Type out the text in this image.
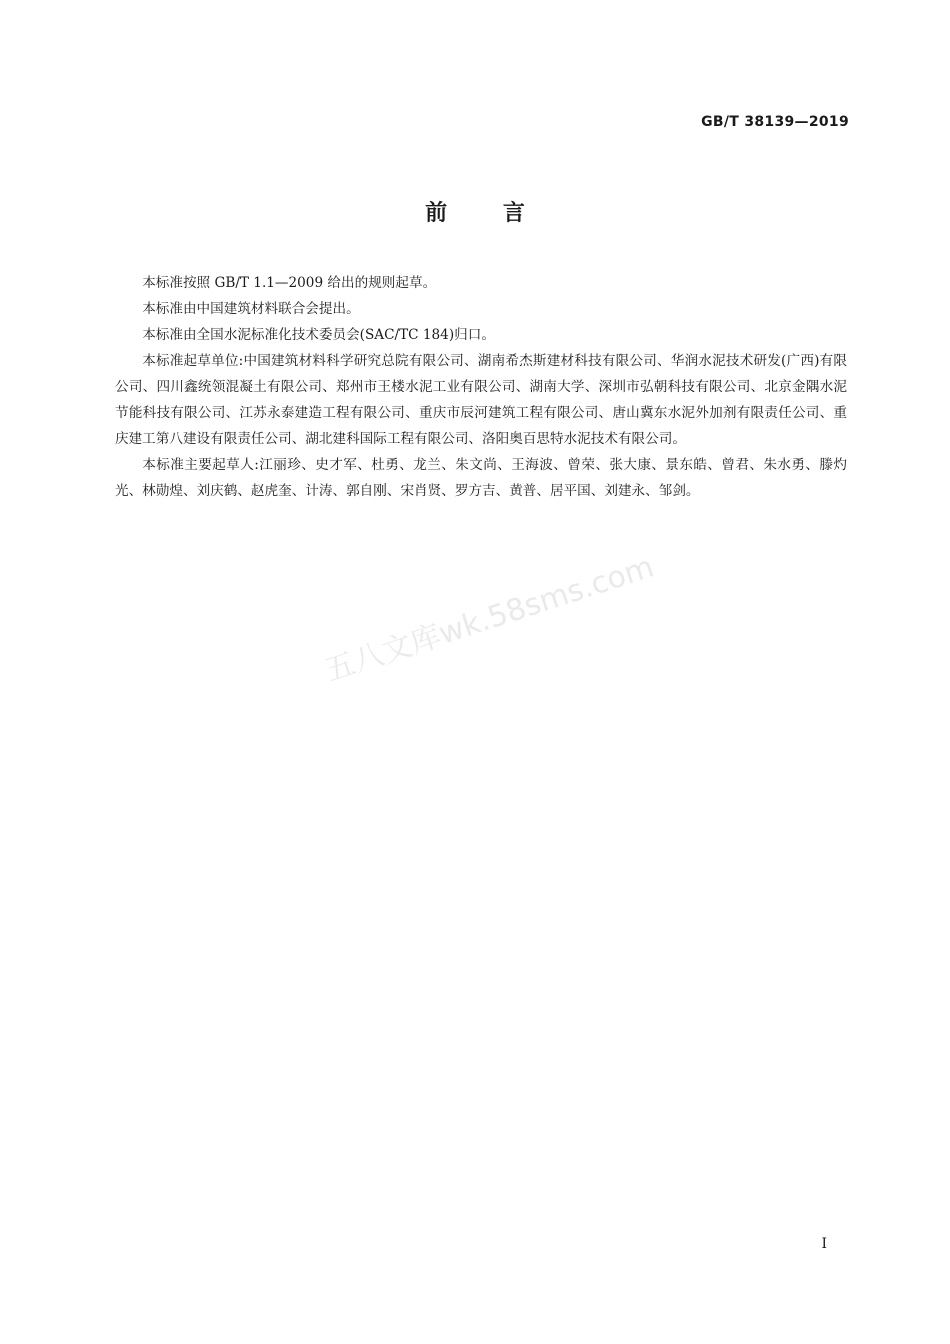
GB/T 38139—2019
前 言

本标准按照 GB/T 1.1—2009 给出的规则起草。

本标准由中国建筑材料联合会提出。

本标准由全国水泥标准化技术委员会(SAC/TC 184)归口。

本标准起草单位:中国建筑材料科学研究总院有限公司、湖南希杰斯建材科技有限公司、华润水泥技术研发(广西)有限公司、四川鑫统领混凝土有限公司、郑州市王楼水泥工业有限公司、湖南大学、深圳市弘朝科技有限公司、北京金隅水泥节能科技有限公司、江苏永泰建造工程有限公司、重庆市辰河建筑工程有限公司、唐山冀东水泥外加剂有限责任公司、重庆建工第八建设有限责任公司、湖北建科国际工程有限公司、洛阳奥百思特水泥技术有限公司。

本标准主要起草人:江丽珍、史才军、杜勇、龙兰、朱文尚、王海波、曾荣、张大康、景东皓、曾君、朱水勇、滕灼光、林勋煌、刘庆鹤、赵虎奎、计涛、郭自刚、宋肖贤、罗方吉、黄普、居平国、刘建永、邹剑。

五八文库wk.58sms.com
I
